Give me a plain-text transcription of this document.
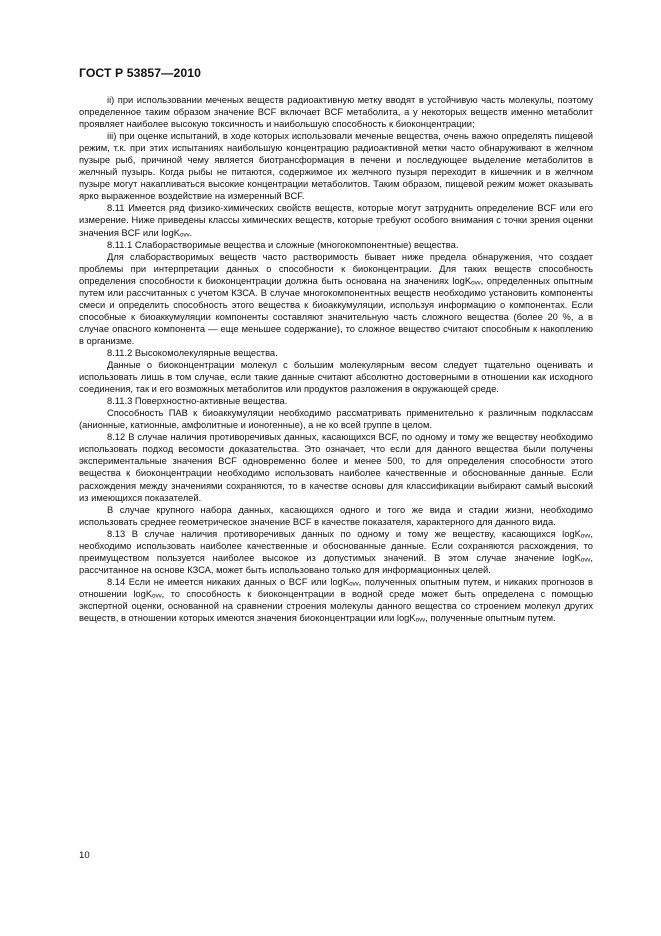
ГОСТ Р 53857—2010

ii) при использовании меченых веществ радиоактивную метку вводят в устойчивую часть молекулы, поэтому определенное таким образом значение BCF включает BCF метаболита, а у некоторых веществ именно метаболит проявляет наиболее высокую токсичность и наибольшую способность к биоконцентрации;

iii) при оценке испытаний, в ходе которых использовали меченые вещества, очень важно определять пищевой режим, т.к. при этих испытаниях наибольшую концентрацию радиоактивной метки часто обнаруживают в желчном пузыре рыб, причиной чему является биотрансформация в печени и последующее выделение метаболитов в желчный пузырь. Когда рыбы не питаются, содержимое их желчного пузыря переходит в кишечник и в желчном пузыре могут накапливаться высокие концентрации метаболитов. Таким образом, пищевой режим может оказывать ярко выраженное воздействие на измеренный BCF.

8.11 Имеется ряд физико-химических свойств веществ, которые могут затруднить определение BCF или его измерение. Ниже приведены классы химических веществ, которые требуют особого внимания с точки зрения оценки значения BCF или logKₒᵥᵥ.

8.11.1 Слаборастворимые вещества и сложные (многокомпонентные) вещества.

Для слаборастворимых веществ часто растворимость бывает ниже предела обнаружения, что создает проблемы при интерпретации данных о способности к биоконцентрации. Для таких веществ способность определения способности к биоконцентрации должна быть основана на значениях logKₒᵥᵥ, определенных опытным путем или рассчитанных с учетом КЗСА. В случае многокомпонентных веществ необходимо установить компоненты смеси и определить способность этого вещества к биоаккумуляции, используя информацию о компонентах. Если способные к биоаккумуляции компоненты составляют значительную часть сложного вещества (более 20 %, а в случае опасного компонента — еще меньшее содержание), то сложное вещество считают способным к накоплению в организме.

8.11.2 Высокомолекулярные вещества.

Данные о биоконцентрации молекул с большим молекулярным весом следует тщательно оценивать и использовать лишь в том случае, если такие данные считают абсолютно достоверными в отношении как исходного соединения, так и его возможных метаболитов или продуктов разложения в окружающей среде.

8.11.3 Поверхностно-активные вещества.

Способность ПАВ к биоаккумуляции необходимо рассматривать применительно к различным подклассам (анионные, катионные, амфолитные и ионогенные), а не ко всей группе в целом.

8.12 В случае наличия противоречивых данных, касающихся BCF, по одному и тому же веществу необходимо использовать подход весомости доказательства. Это означает, что если для данного вещества были получены экспериментальные значения BCF одновременно более и менее 500, то для определения способности этого вещества к биоконцентрации необходимо использовать наиболее качественные и обоснованные данные. Если расхождения между значениями сохраняются, то в качестве основы для классификации выбирают самый высокий из имеющихся показателей.

В случае крупного набора данных, касающихся одного и того же вида и стадии жизни, необходимо использовать среднее геометрическое значение BCF в качестве показателя, характерного для данного вида.

8.13 В случае наличия противоречивых данных по одному и тому же веществу, касающихся logKₒᵥᵥ, необходимо использовать наиболее качественные и обоснованные данные. Если сохраняются расхождения, то преимуществом пользуется наиболее высокое из допустимых значений. В этом случае значение logKₒᵥᵥ, рассчитанное на основе КЗСА, может быть использовано только для информационных целей.

8.14 Если не имеется никаких данных о BCF или logKₒᵥᵥ, полученных опытным путем, и никаких прогнозов в отношении logKₒᵥᵥ, то способность к биоконцентрации в водной среде может быть определена с помощью экспертной оценки, основанной на сравнении строения молекулы данного вещества со строением молекул других веществ, в отношении которых имеются значения биоконцентрации или logKₒᵥᵥ, полученные опытным путем.

10
